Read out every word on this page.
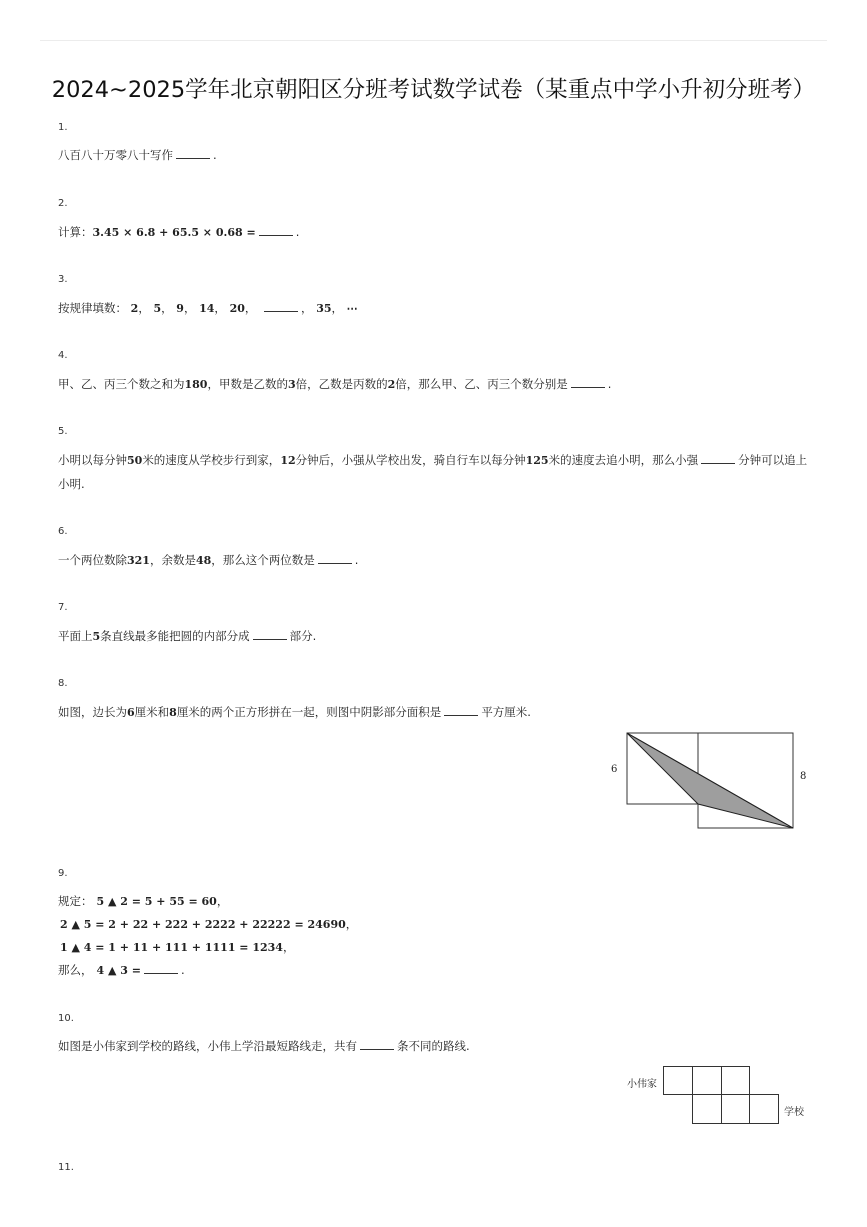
2024~2025学年北京朝阳区分班考试数学试卷（某重点中学小升初分班考）
1.
八百八十万零八十写作	.
2.
计算：3.45 × 6.8 + 65.5 × 0.68 =	.
3.
按规律填数： 2， 5， 9， 14， 20，	， 35， ⋯
4.
甲、乙、丙三个数之和为180，甲数是乙数的3倍，乙数是丙数的2倍，那么甲、乙、丙三个数分别是	.
5.
小明以每分钟50米的速度从学校步行到家，12分钟后，小强从学校出发，骑自行车以每分钟125米的速度去追小明，那么小强	分钟可以追上
小明.
6.
一个两位数除321，余数是48，那么这个两位数是	.
7.
平面上5条直线最多能把圆的内部分成	部分.
8.
如图，边长为6厘米和8厘米的两个正方形拼在一起，则图中阴影部分面积是	平方厘米.
6
8
9.
规定： 5 ▲ 2 = 5 + 55 = 60，
2 ▲ 5 = 2 + 22 + 222 + 2222 + 22222 = 24690，
1 ▲ 4 = 1 + 11 + 111 + 1111 = 1234，
那么， 4 ▲ 3 =	.
10.
如图是小伟家到学校的路线，小伟上学沿最短路线走，共有	条不同的路线.
小伟家
学校
11.
